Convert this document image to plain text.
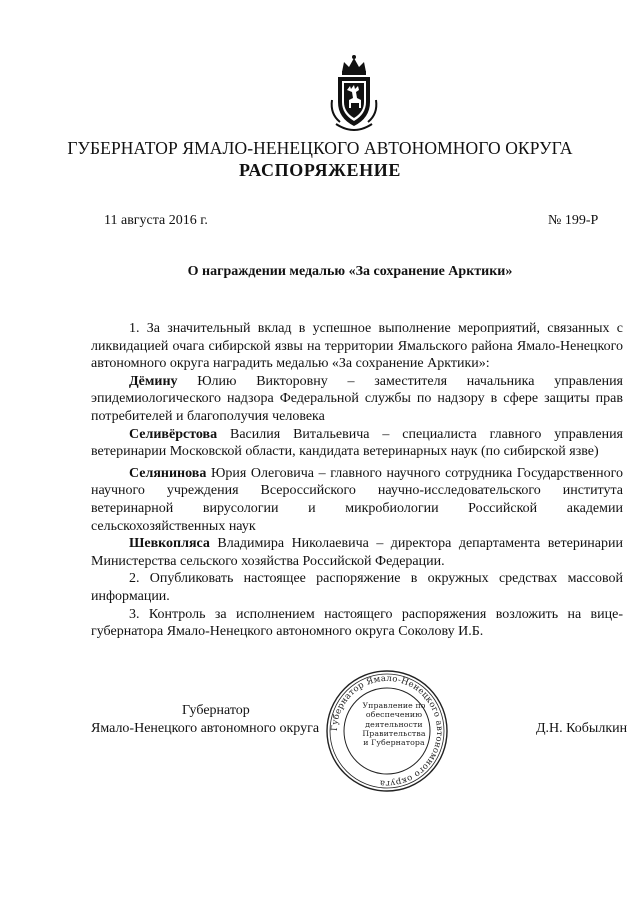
ГУБЕРНАТОР ЯМАЛО-НЕНЕЦКОГО АВТОНОМНОГО ОКРУГА
РАСПОРЯЖЕНИЕ
11 августа 2016 г.	№ 199-Р
О награждении медалью «За сохранение Арктики»

1. За значительный вклад в успешное выполнение мероприятий, связанных с ликвидацией очага сибирской язвы на территории Ямальского района Ямало-Ненецкого автономного округа наградить медалью «За сохранение Арктики»:

Дёмину Юлию Викторовну – заместителя начальника управления эпидемиологического надзора Федеральной службы по надзору в сфере защиты прав потребителей и благополучия человека

Селивёрстова Василия Витальевича – специалиста главного управления ветеринарии Московской области, кандидата ветеринарных наук (по сибирской язве)

Селянинова Юрия Олеговича – главного научного сотрудника Государственного научного учреждения Всероссийского научно-исследовательского института ветеринарной вирусологии и микробиологии Российской академии сельскохозяйственных наук

Шевкопляса Владимира Николаевича – директора департамента ветеринарии Министерства сельского хозяйства Российской Федерации.

2. Опубликовать настоящее распоряжение в окружных средствах массовой информации.

3. Контроль за исполнением настоящего распоряжения возложить на вице-губернатора Ямало-Ненецкого автономного округа Соколову И.Б.

Губернатор
Ямало-Ненецкого автономного округа	Д.Н. Кобылкин
Губернатор Ямало-Ненецкого автономного округа
Управление по
обеспечению
деятельности
Правительства
и Губернатора
